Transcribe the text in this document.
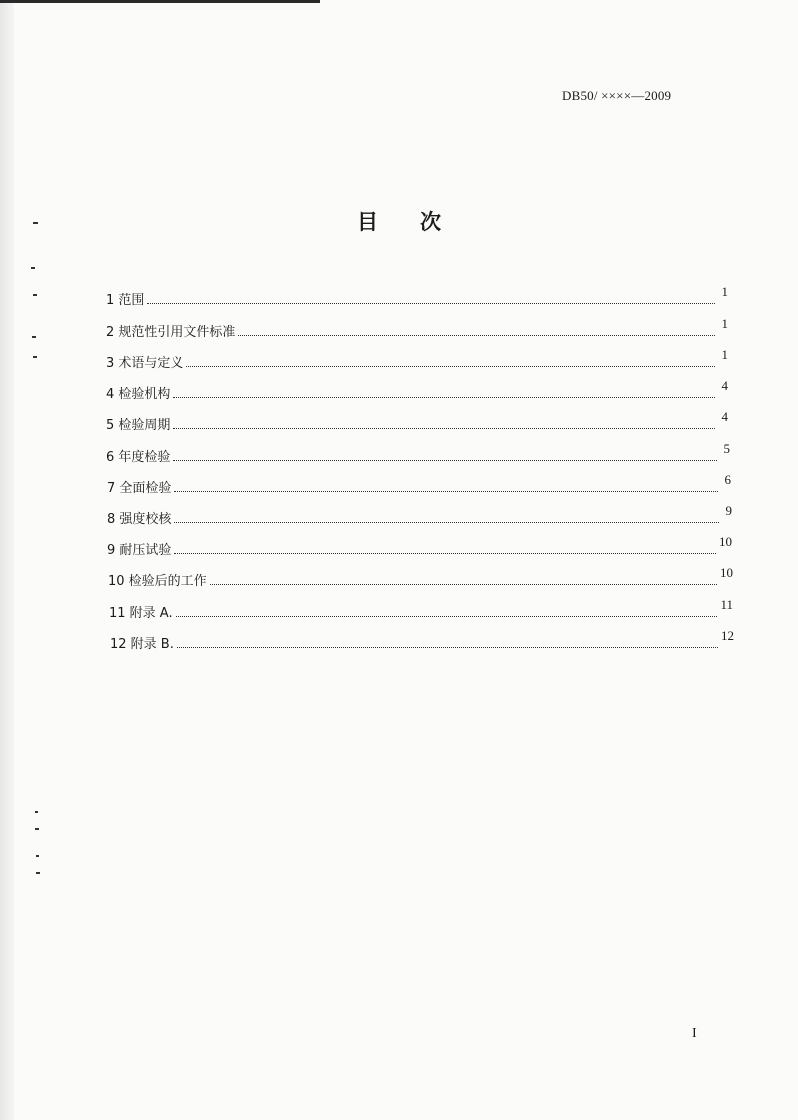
DB50/ ××××—2009
目 次
1 范围
1
2 规范性引用文件标准
1
3 术语与定义
1
4 检验机构
4
5 检验周期
4
6 年度检验
5
7 全面检验
6
8 强度校核
9
9 耐压试验
10
10 检验后的工作
10
11 附录 A.
11
12 附录 B.
12
I
